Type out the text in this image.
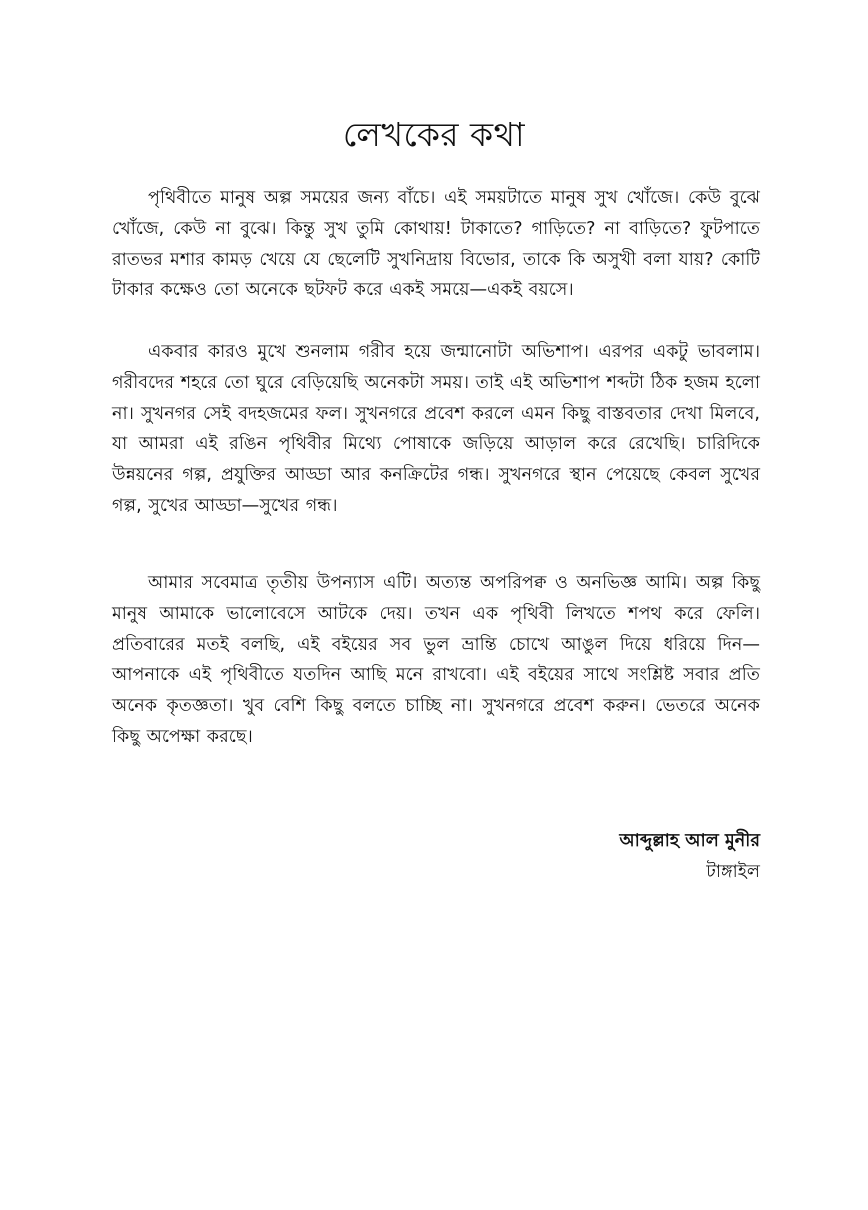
লেখকের কথা

পৃথিবীতে মানুষ অল্প সময়ের জন্য বাঁচে। এই সময়টাতে মানুষ সুখ খোঁজে। কেউ বুঝে খোঁজে, কেউ না বুঝে। কিন্তু সুখ তুমি কোথায়! টাকাতে? গাড়িতে? না বাড়িতে? ফুটপাতে রাতভর মশার কামড় খেয়ে যে ছেলেটি সুখনিদ্রায় বিভোর, তাকে কি অসুখী বলা যায়? কোটি টাকার কক্ষেও তো অনেকে ছটফট করে একই সময়ে—একই বয়সে।

একবার কারও মুখে শুনলাম গরীব হয়ে জন্মানোটা অভিশাপ। এরপর একটু ভাবলাম। গরীবদের শহরে তো ঘুরে বেড়িয়েছি অনেকটা সময়। তাই এই অভিশাপ শব্দটা ঠিক হজম হলো না। সুখনগর সেই বদহজমের ফল। সুখনগরে প্রবেশ করলে এমন কিছু বাস্তবতার দেখা মিলবে, যা আমরা এই রঙিন পৃথিবীর মিথ্যে পোষাকে জড়িয়ে আড়াল করে রেখেছি। চারিদিকে উন্নয়নের গল্প, প্রযুক্তির আড্ডা আর কনক্রিটের গন্ধ। সুখনগরে স্থান পেয়েছে কেবল সুখের গল্প, সুখের আড্ডা—সুখের গন্ধ।

আমার সবেমাত্র তৃতীয় উপন্যাস এটি। অত্যন্ত অপরিপক্ব ও অনভিজ্ঞ আমি। অল্প কিছু মানুষ আমাকে ভালোবেসে আটকে দেয়। তখন এক পৃথিবী লিখতে শপথ করে ফেলি। প্রতিবারের মতই বলছি, এই বইয়ের সব ভুল ভ্রান্তি চোখে আঙুল দিয়ে ধরিয়ে দিন—আপনাকে এই পৃথিবীতে যতদিন আছি মনে রাখবো। এই বইয়ের সাথে সংশ্লিষ্ট সবার প্রতি অনেক কৃতজ্ঞতা। খুব বেশি কিছু বলতে চাচ্ছি না। সুখনগরে প্রবেশ করুন। ভেতরে অনেক কিছু অপেক্ষা করছে।

আব্দুল্লাহ আল মুনীর
টাঙ্গাইল
